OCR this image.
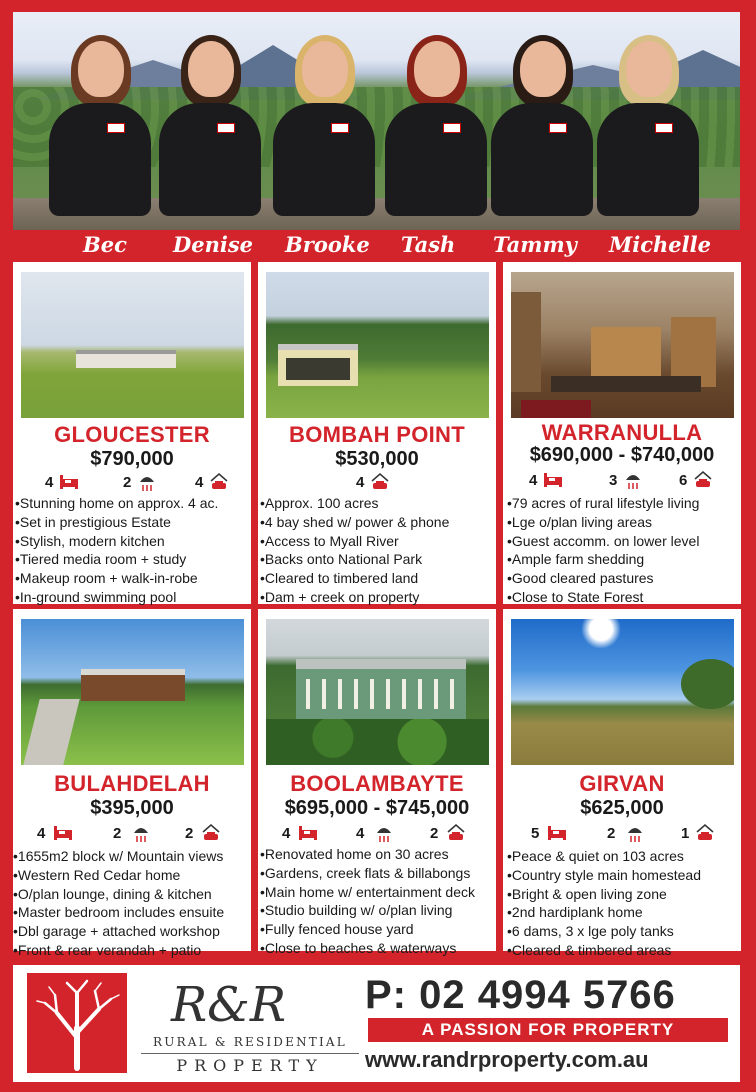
Bec Denise Brooke Tash Tammy Michelle
GLOUCESTER
$790,000
4	2	4
• Stunning home on approx. 4 ac.
• Set in prestigious Estate
• Stylish, modern kitchen
• Tiered media room + study
• Makeup room + walk-in-robe
• In-ground swimming pool
BOMBAH POINT
$530,000
4
• Approx. 100 acres
• 4 bay shed w/ power & phone
• Access to Myall River
• Backs onto National Park
• Cleared to timbered land
• Dam + creek on property
WARRANULLA
$690,000 - $740,000
4	3	6
• 79 acres of rural lifestyle living
• Lge o/plan living areas
• Guest accomm. on lower level
• Ample farm shedding
• Good cleared pastures
• Close to State Forest
BULAHDELAH
$395,000
4	2	2
• 1655m2 block w/ Mountain views
• Western Red Cedar home
• O/plan lounge, dining & kitchen
• Master bedroom includes ensuite
• Dbl garage + attached workshop
• Front & rear verandah + patio
BOOLAMBAYTE
$695,000 - $745,000
4	4	2
• Renovated home on 30 acres
• Gardens, creek flats & billabongs
• Main home w/ entertainment deck
• Studio building w/ o/plan living
• Fully fenced house yard
• Close to beaches & waterways
GIRVAN
$625,000
5	2	1
• Peace & quiet on 103 acres
• Country style main homestead
• Bright & open living zone
• 2nd hardiplank home
• 6 dams, 3 x lge poly tanks
• Cleared & timbered areas
R&R
RURAL & RESIDENTIAL
PROPERTY
P: 02 4994 5766
A PASSION FOR PROPERTY
www.randrproperty.com.au
